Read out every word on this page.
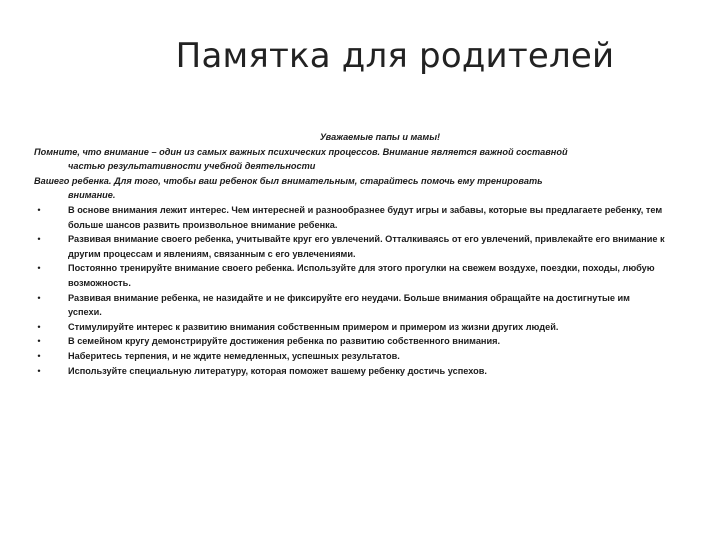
Памятка для родителей
Уважаемые папы и мамы!
Помните, что внимание – один из самых важных психических процессов. Внимание является важной составной
частью результативности учебной деятельности
Вашего ребенка. Для того, чтобы ваш ребенок был внимательным, старайтесь помочь ему тренировать
внимание.
•	В основе внимания лежит интерес. Чем интересней и разнообразнее будут игры и забавы, которые вы предлагаете ребенку, тем больше шансов развить произвольное внимание ребенка.
•	Развивая внимание своего ребенка, учитывайте круг его увлечений. Отталкиваясь от его увлечений, привлекайте его внимание к другим процессам и явлениям, связанным с его увлечениями.
•	Постоянно тренируйте внимание своего ребенка. Используйте для этого прогулки на свежем воздухе, поездки, походы, любую возможность.
•	Развивая внимание ребенка, не назидайте и не фиксируйте его неудачи. Больше внимания обращайте на достигнутые им успехи.
•	Стимулируйте интерес к развитию внимания собственным примером и примером из жизни других людей.
•	В семейном кругу демонстрируйте достижения ребенка по развитию собственного внимания.
•	Наберитесь терпения, и не ждите немедленных, успешных результатов.
•	Используйте специальную литературу, которая поможет вашему ребенку достичь успехов.
